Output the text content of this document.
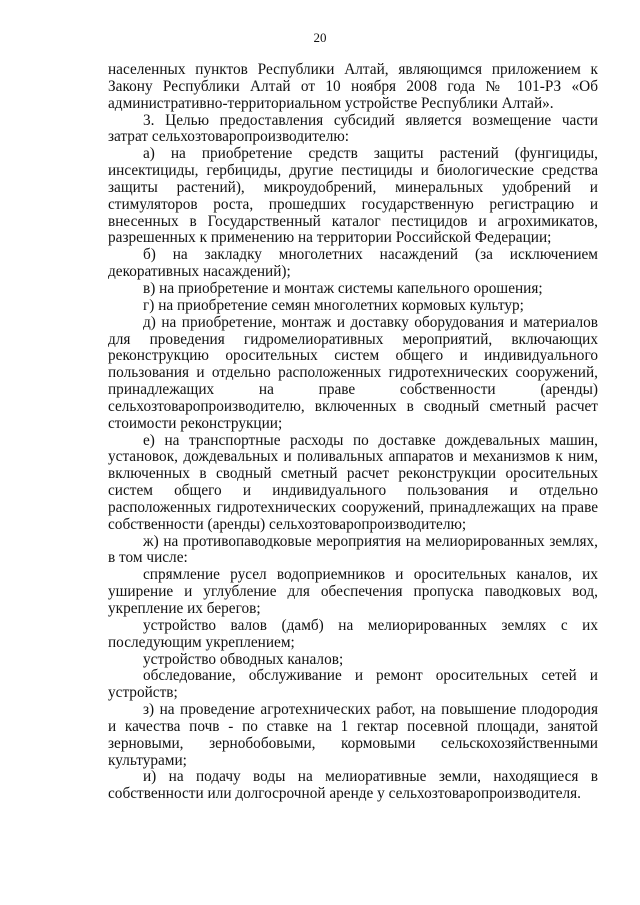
20

населенных пунктов Республики Алтай, являющимся приложением к Закону Республики Алтай от 10 ноября 2008 года № 101-РЗ «Об административно-территориальном устройстве Республики Алтай».

3. Целью предоставления субсидий является возмещение части затрат сельхозтоваропроизводителю:

а) на приобретение средств защиты растений (фунгициды, инсектициды, гербициды, другие пестициды и биологические средства защиты растений), микроудобрений, минеральных удобрений и стимуляторов роста, прошедших государственную регистрацию и внесенных в Государственный каталог пестицидов и агрохимикатов, разрешенных к применению на территории Российской Федерации;

б) на закладку многолетних насаждений (за исключением декоративных насаждений);

в) на приобретение и монтаж системы капельного орошения;

г) на приобретение семян многолетних кормовых культур;

д) на приобретение, монтаж и доставку оборудования и материалов для проведения гидромелиоративных мероприятий, включающих реконструкцию оросительных систем общего и индивидуального пользования и отдельно расположенных гидротехнических сооружений, принадлежащих на праве собственности (аренды) сельхозтоваропроизводителю, включенных в сводный сметный расчет стоимости реконструкции;

е) на транспортные расходы по доставке дождевальных машин, установок, дождевальных и поливальных аппаратов и механизмов к ним, включенных в сводный сметный расчет реконструкции оросительных систем общего и индивидуального пользования и отдельно расположенных гидротехнических сооружений, принадлежащих на праве собственности (аренды) сельхозтоваропроизводителю;

ж) на противопаводковые мероприятия на мелиорированных землях, в том числе:

спрямление русел водоприемников и оросительных каналов, их уширение и углубление для обеспечения пропуска паводковых вод, укрепление их берегов;

устройство валов (дамб) на мелиорированных землях с их последующим укреплением;

устройство обводных каналов;

обследование, обслуживание и ремонт оросительных сетей и устройств;

з) на проведение агротехнических работ, на повышение плодородия и качества почв - по ставке на 1 гектар посевной площади, занятой зерновыми, зернобобовыми, кормовыми сельскохозяйственными культурами;

и) на подачу воды на мелиоративные земли, находящиеся в собственности или долгосрочной аренде у сельхозтоваропроизводителя.
